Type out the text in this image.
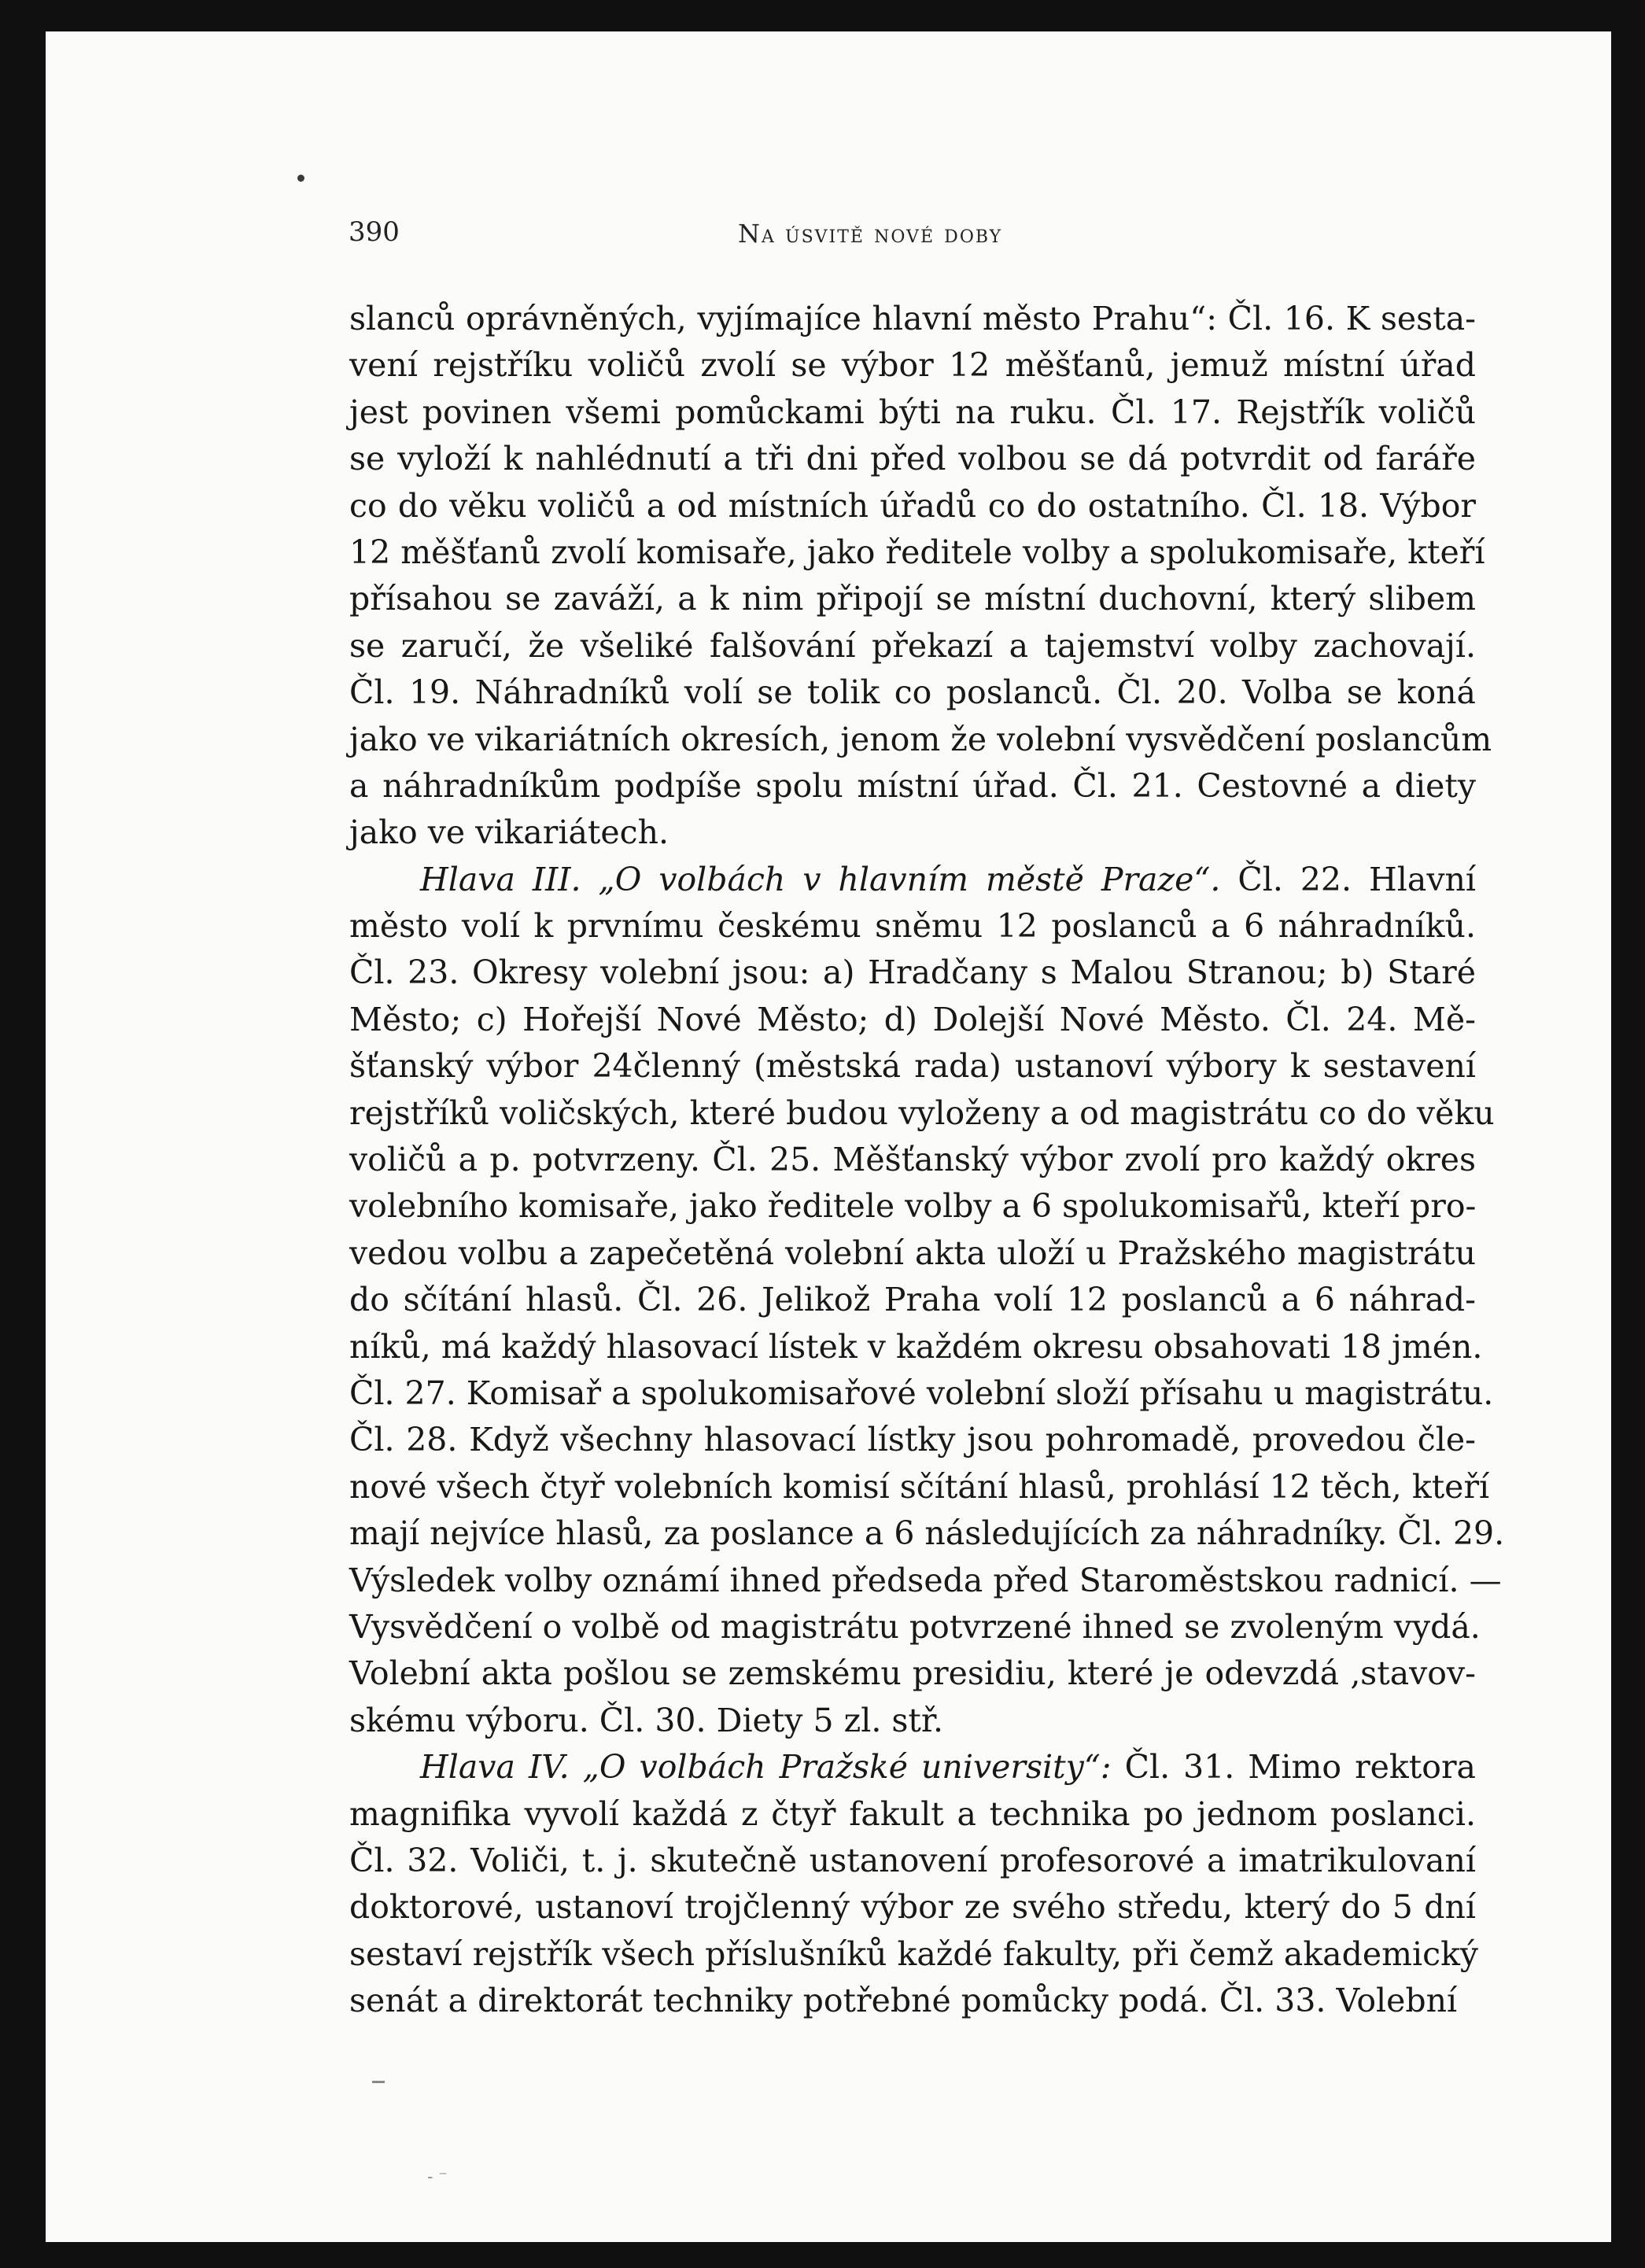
390	Na úsvitě nové doby
slanců oprávněných, vyjímajíce hlavní město Prahu“: Čl. 16. K sesta-
vení rejstříku voličů zvolí se výbor 12 měšťanů, jemuž místní úřad
jest povinen všemi pomůckami býti na ruku. Čl. 17. Rejstřík voličů
se vyloží k nahlédnutí a tři dni před volbou se dá potvrdit od faráře
co do věku voličů a od místních úřadů co do ostatního. Čl. 18. Výbor
12 měšťanů zvolí komisaře, jako ředitele volby a spolukomisaře, kteří
přísahou se zaváží, a k nim připojí se místní duchovní, který slibem
se zaručí, že všeliké falšování překazí a tajemství volby zachovají.
Čl. 19. Náhradníků volí se tolik co poslanců. Čl. 20. Volba se koná
jako ve vikariátních okresích, jenom že volební vysvědčení poslancům
a náhradníkům podpíše spolu místní úřad. Čl. 21. Cestovné a diety
jako ve vikariátech.
Hlava III. „O volbách v hlavním městě Praze“. Čl. 22. Hlavní
město volí k prvnímu českému sněmu 12 poslanců a 6 náhradníků.
Čl. 23. Okresy volební jsou: a) Hradčany s Malou Stranou; b) Staré
Město; c) Hořejší Nové Město; d) Dolejší Nové Město. Čl. 24. Mě-
šťanský výbor 24členný (městská rada) ustanoví výbory k sestavení
rejstříků voličských, které budou vyloženy a od magistrátu co do věku
voličů a p. potvrzeny. Čl. 25. Měšťanský výbor zvolí pro každý okres
volebního komisaře, jako ředitele volby a 6 spolukomisařů, kteří pro-
vedou volbu a zapečetěná volební akta uloží u Pražského magistrátu
do sčítání hlasů. Čl. 26. Jelikož Praha volí 12 poslanců a 6 náhrad-
níků, má každý hlasovací lístek v každém okresu obsahovati 18 jmén.
Čl. 27. Komisař a spolukomisařové volební složí přísahu u magistrátu.
Čl. 28. Když všechny hlasovací lístky jsou pohromadě, provedou čle-
nové všech čtyř volebních komisí sčítání hlasů, prohlásí 12 těch, kteří
mají nejvíce hlasů, za poslance a 6 následujících za náhradníky. Čl. 29.
Výsledek volby oznámí ihned předseda před Staroměstskou radnicí. —
Vysvědčení o volbě od magistrátu potvrzené ihned se zvoleným vydá.
Volební akta pošlou se zemskému presidiu, které je odevzdá ‚stavov-
skému výboru. Čl. 30. Diety 5 zl. stř.
Hlava IV. „O volbách Pražské university“: Čl. 31. Mimo rektora
magnifika vyvolí každá z čtyř fakult a technika po jednom poslanci.
Čl. 32. Voliči, t. j. skutečně ustanovení profesorové a imatrikulovaní
doktorové, ustanoví trojčlenný výbor ze svého středu, který do 5 dní
sestaví rejstřík všech příslušníků každé fakulty, při čemž akademický
senát a direktorát techniky potřebné pomůcky podá. Čl. 33. Volební
- ⁻
